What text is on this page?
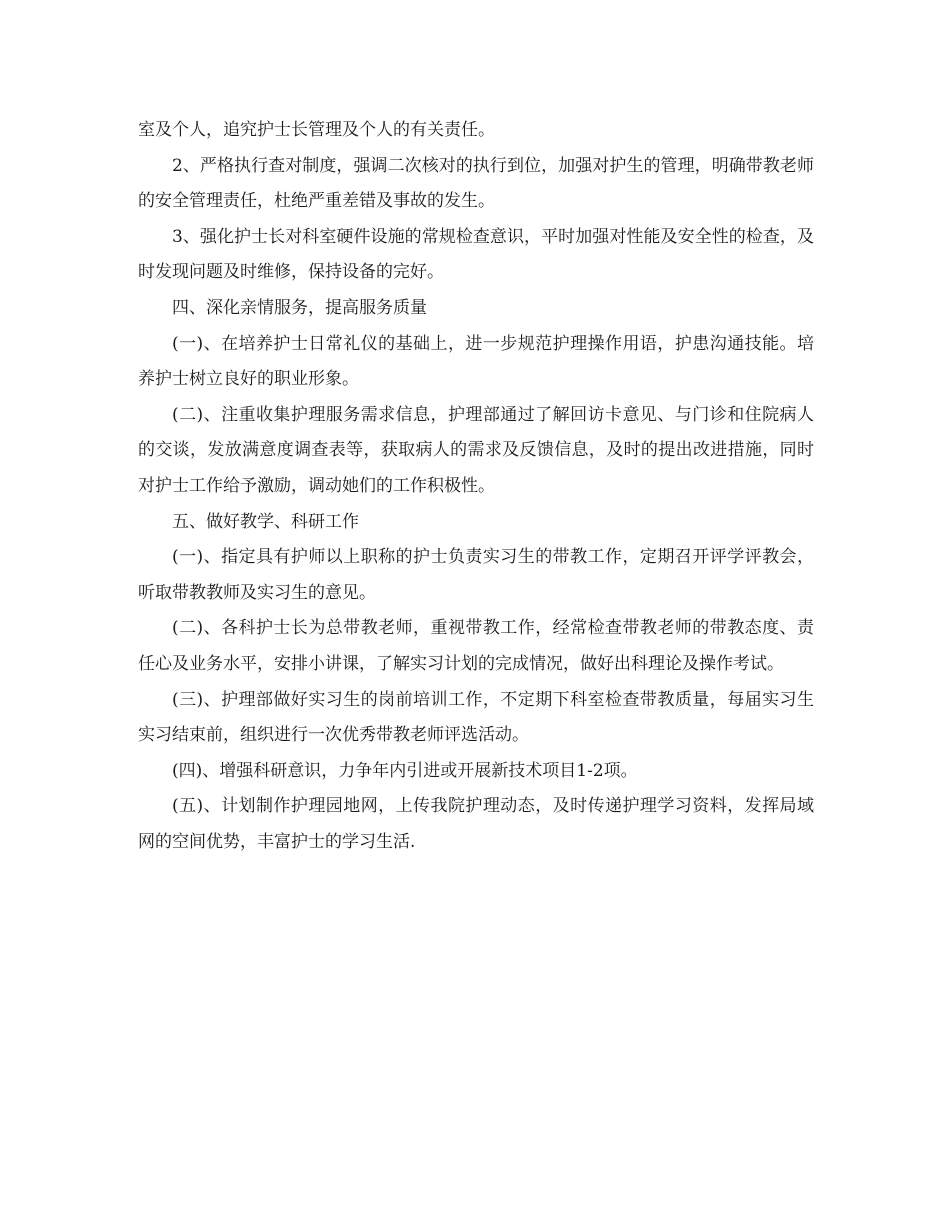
室及个人，追究护士长管理及个人的有关责任。

2、严格执行查对制度，强调二次核对的执行到位，加强对护生的管理，明确带教老师的安全管理责任，杜绝严重差错及事故的发生。

3、强化护士长对科室硬件设施的常规检查意识，平时加强对性能及安全性的检查，及时发现问题及时维修，保持设备的完好。

四、深化亲情服务，提高服务质量

(一)、在培养护士日常礼仪的基础上，进一步规范护理操作用语，护患沟通技能。培养护士树立良好的职业形象。

(二)、注重收集护理服务需求信息，护理部通过了解回访卡意见、与门诊和住院病人的交谈，发放满意度调查表等，获取病人的需求及反馈信息，及时的提出改进措施，同时对护士工作给予激励，调动她们的工作积极性。

五、做好教学、科研工作

(一)、指定具有护师以上职称的护士负责实习生的带教工作，定期召开评学评教会，听取带教教师及实习生的意见。

(二)、各科护士长为总带教老师，重视带教工作，经常检查带教老师的带教态度、责任心及业务水平，安排小讲课，了解实习计划的完成情况，做好出科理论及操作考试。

(三)、护理部做好实习生的岗前培训工作，不定期下科室检查带教质量，每届实习生实习结束前，组织进行一次优秀带教老师评选活动。

(四)、增强科研意识，力争年内引进或开展新技术项目1-2项。

(五)、计划制作护理园地网，上传我院护理动态，及时传递护理学习资料，发挥局域网的空间优势，丰富护士的学习生活.
